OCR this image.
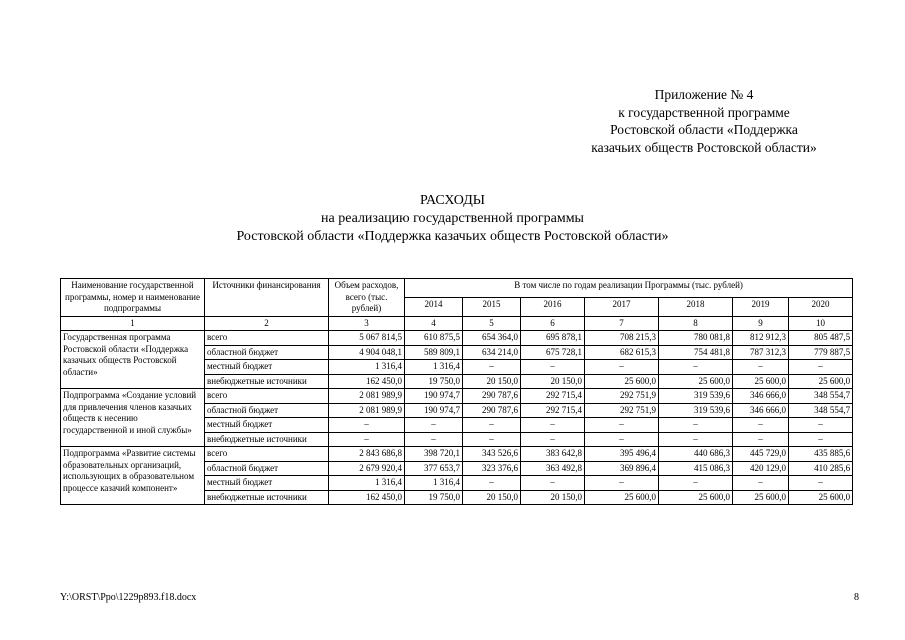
Приложение № 4
к государственной программе
Ростовской области «Поддержка
казачьих обществ Ростовской области»
РАСХОДЫ
на реализацию государственной программы
Ростовской области «Поддержка казачьих обществ Ростовской области»
Наименование государственной программы, номер и наименование подпрограммы	Источники финансирования	Объем расходов, всего (тыс. рублей)	В том числе по годам реализации Программы (тыс. рублей)						
			2014	2015	2016	2017	2018	2019	2020
1	2	3	4	5	6	7	8	9	10
Государственная программа Ростовской области «Поддержка казачьих обществ Ростовской области»	всего	5 067 814,5	610 875,5	654 364,0	695 878,1	708 215,3	780 081,8	812 912,3	805 487,5
	областной бюджет	4 904 048,1	589 809,1	634 214,0	675 728,1	682 615,3	754 481,8	787 312,3	779 887,5
	местный бюджет	1 316,4	1 316,4	–	–	–	–	–	–
	внебюджетные источники	162 450,0	19 750,0	20 150,0	20 150,0	25 600,0	25 600,0	25 600,0	25 600,0
Подпрограмма «Создание условий для привлечения членов казачьих обществ к несению государственной и иной службы»	всего	2 081 989,9	190 974,7	290 787,6	292 715,4	292 751,9	319 539,6	346 666,0	348 554,7
	областной бюджет	2 081 989,9	190 974,7	290 787,6	292 715,4	292 751,9	319 539,6	346 666,0	348 554,7
	местный бюджет	–	–	–	–	–	–	–	–
	внебюджетные источники	–	–	–	–	–	–	–	–
Подпрограмма «Развитие системы образовательных организаций, использующих в образовательном процессе казачий компонент»	всего	2 843 686,8	398 720,1	343 526,6	383 642,8	395 496,4	440 686,3	445 729,0	435 885,6
	областной бюджет	2 679 920,4	377 653,7	323 376,6	363 492,8	369 896,4	415 086,3	420 129,0	410 285,6
	местный бюджет	1 316,4	1 316,4	–	–	–	–	–	–
	внебюджетные источники	162 450,0	19 750,0	20 150,0	20 150,0	25 600,0	25 600,0	25 600,0	25 600,0
Y:\ORST\Ppo\1229p893.f18.docx	8
